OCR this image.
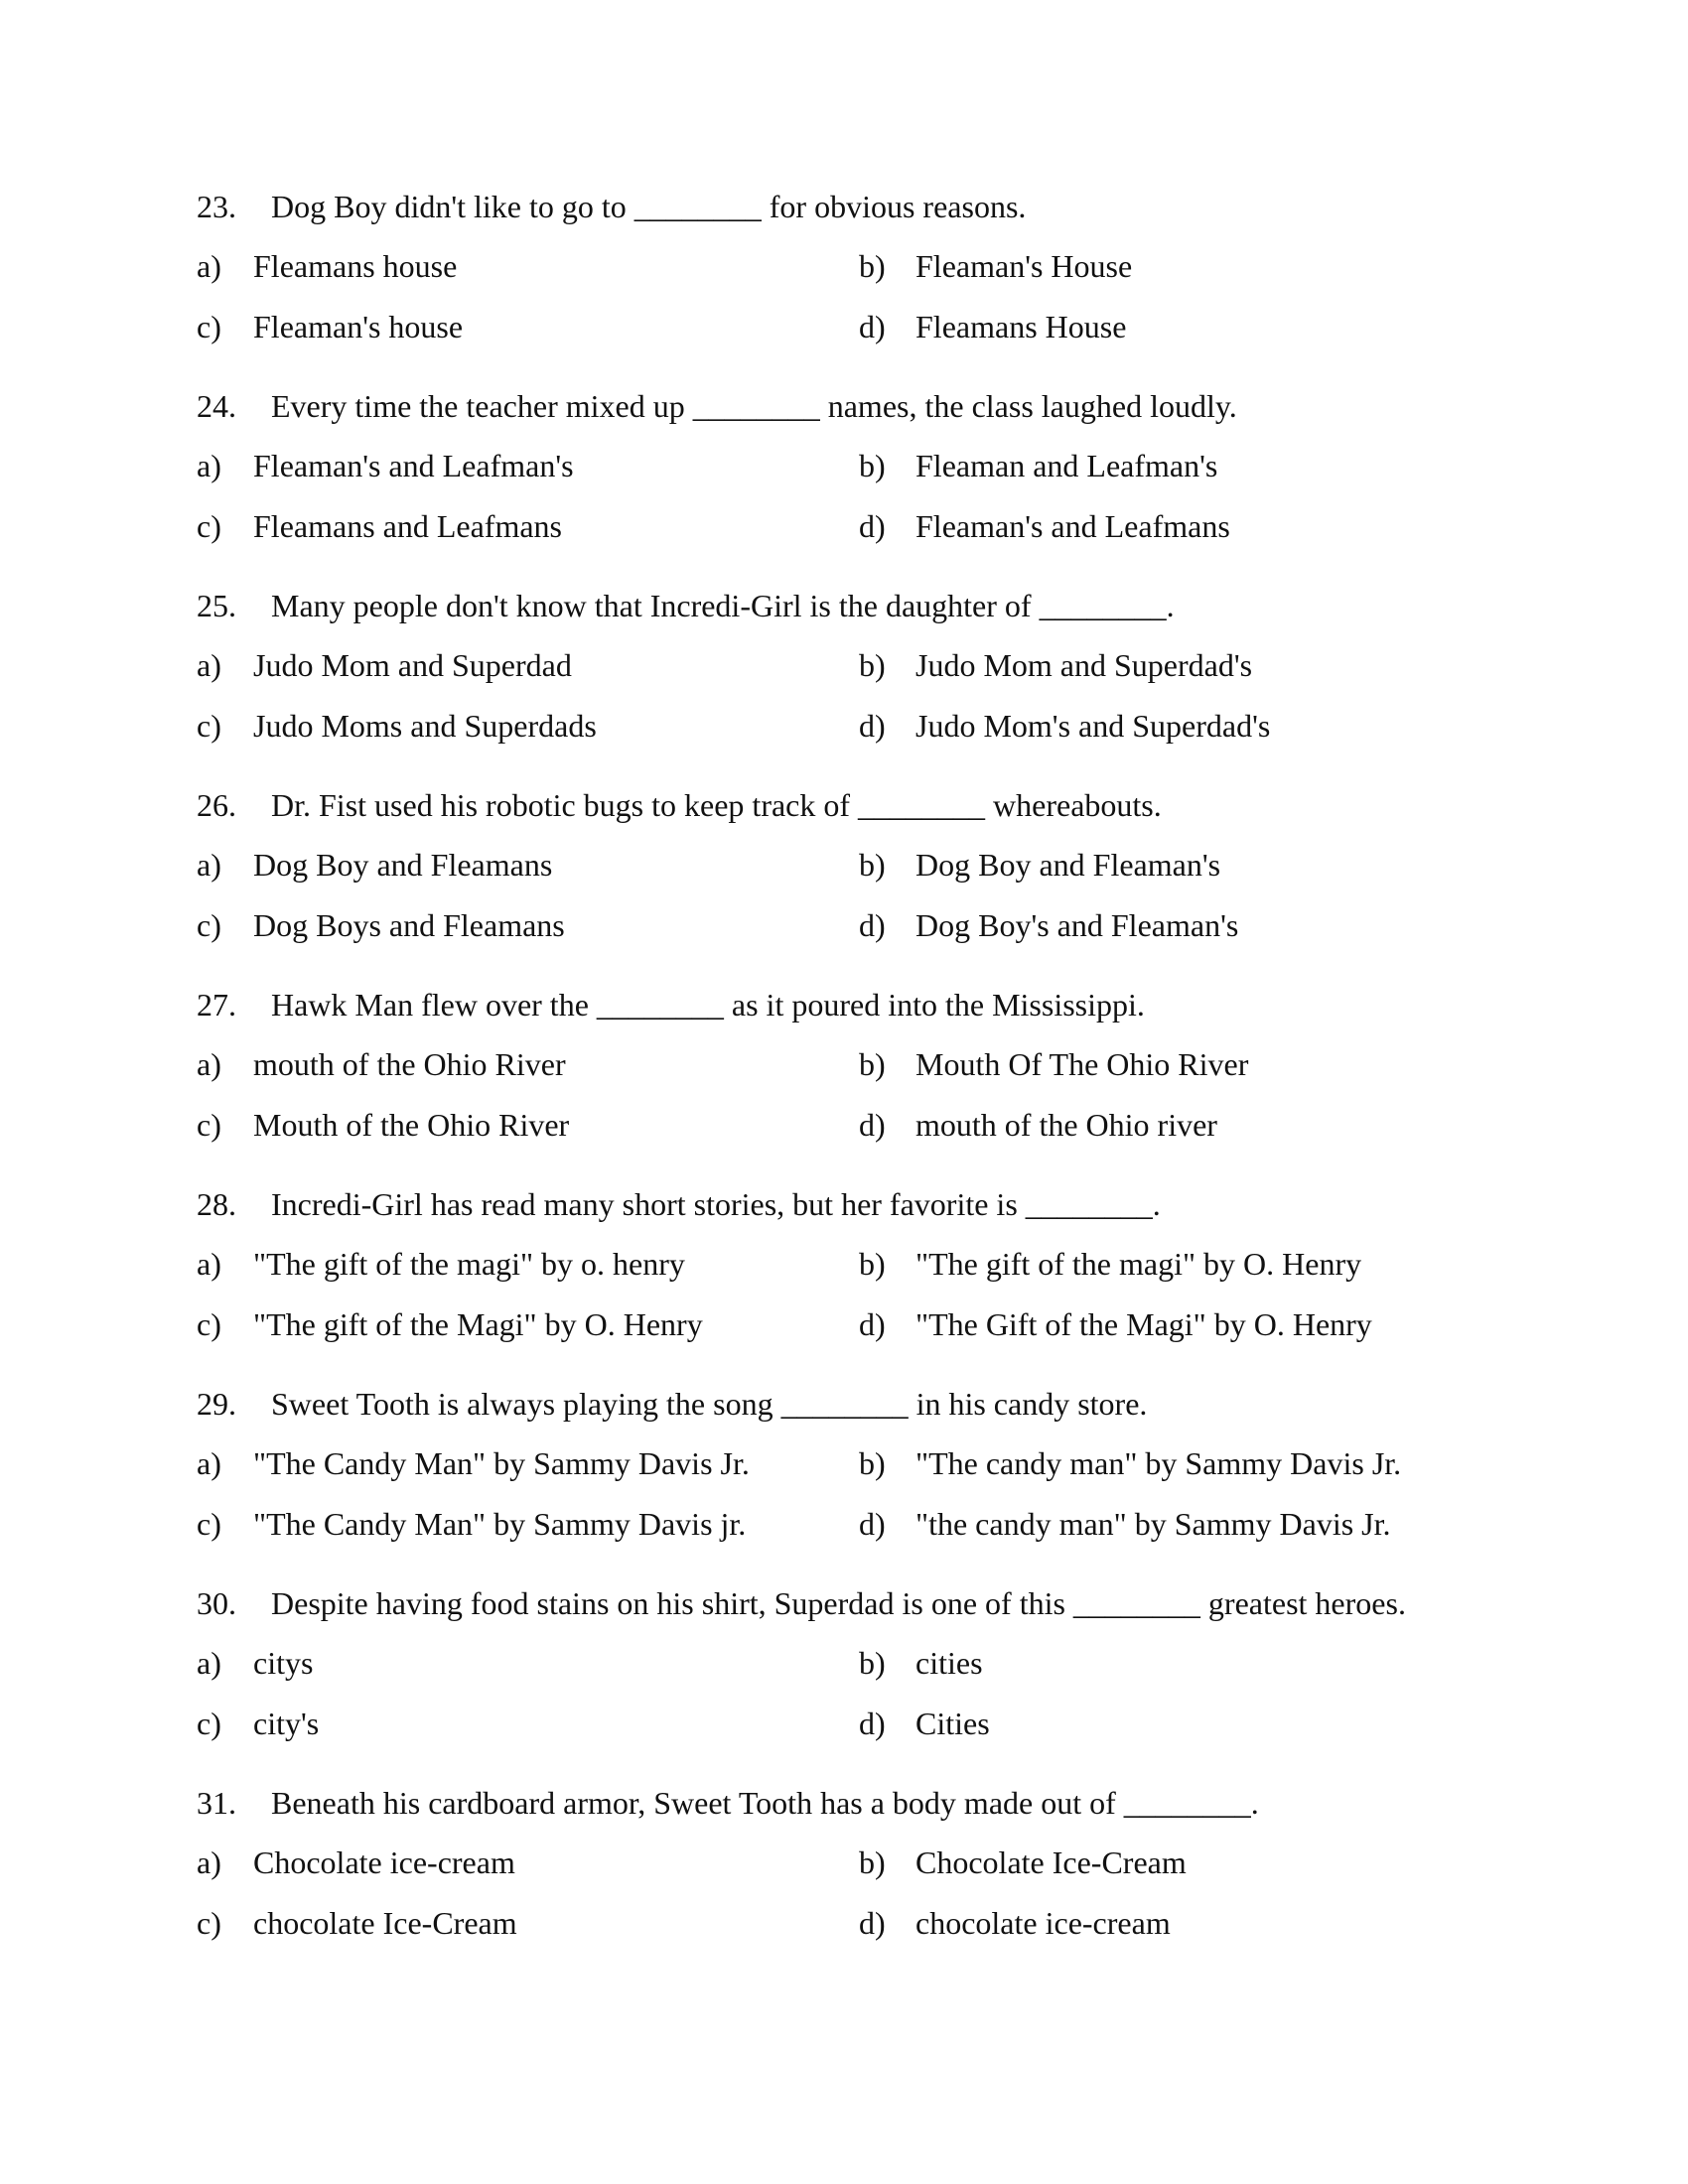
23. Dog Boy didn't like to go to ________ for obvious reasons.
a) Fleamans house	b) Fleaman's House
c) Fleaman's house	d) Fleamans House
24. Every time the teacher mixed up ________ names, the class laughed loudly.
a) Fleaman's and Leafman's	b) Fleaman and Leafman's
c) Fleamans and Leafmans	d) Fleaman's and Leafmans
25. Many people don't know that Incredi-Girl is the daughter of ________.
a) Judo Mom and Superdad	b) Judo Mom and Superdad's
c) Judo Moms and Superdads	d) Judo Mom's and Superdad's
26. Dr. Fist used his robotic bugs to keep track of ________ whereabouts.
a) Dog Boy and Fleamans	b) Dog Boy and Fleaman's
c) Dog Boys and Fleamans	d) Dog Boy's and Fleaman's
27. Hawk Man flew over the ________ as it poured into the Mississippi.
a) mouth of the Ohio River	b) Mouth Of The Ohio River
c) Mouth of the Ohio River	d) mouth of the Ohio river
28. Incredi-Girl has read many short stories, but her favorite is ________.
a) "The gift of the magi" by o. henry	b) "The gift of the magi" by O. Henry
c) "The gift of the Magi" by O. Henry	d) "The Gift of the Magi" by O. Henry
29. Sweet Tooth is always playing the song ________ in his candy store.
a) "The Candy Man" by Sammy Davis Jr.	b) "The candy man" by Sammy Davis Jr.
c) "The Candy Man" by Sammy Davis jr.	d) "the candy man" by Sammy Davis Jr.
30. Despite having food stains on his shirt, Superdad is one of this ________ greatest heroes.
a) citys	b) cities
c) city's	d) Cities
31. Beneath his cardboard armor, Sweet Tooth has a body made out of ________.
a) Chocolate ice-cream	b) Chocolate Ice-Cream
c) chocolate Ice-Cream	d) chocolate ice-cream
